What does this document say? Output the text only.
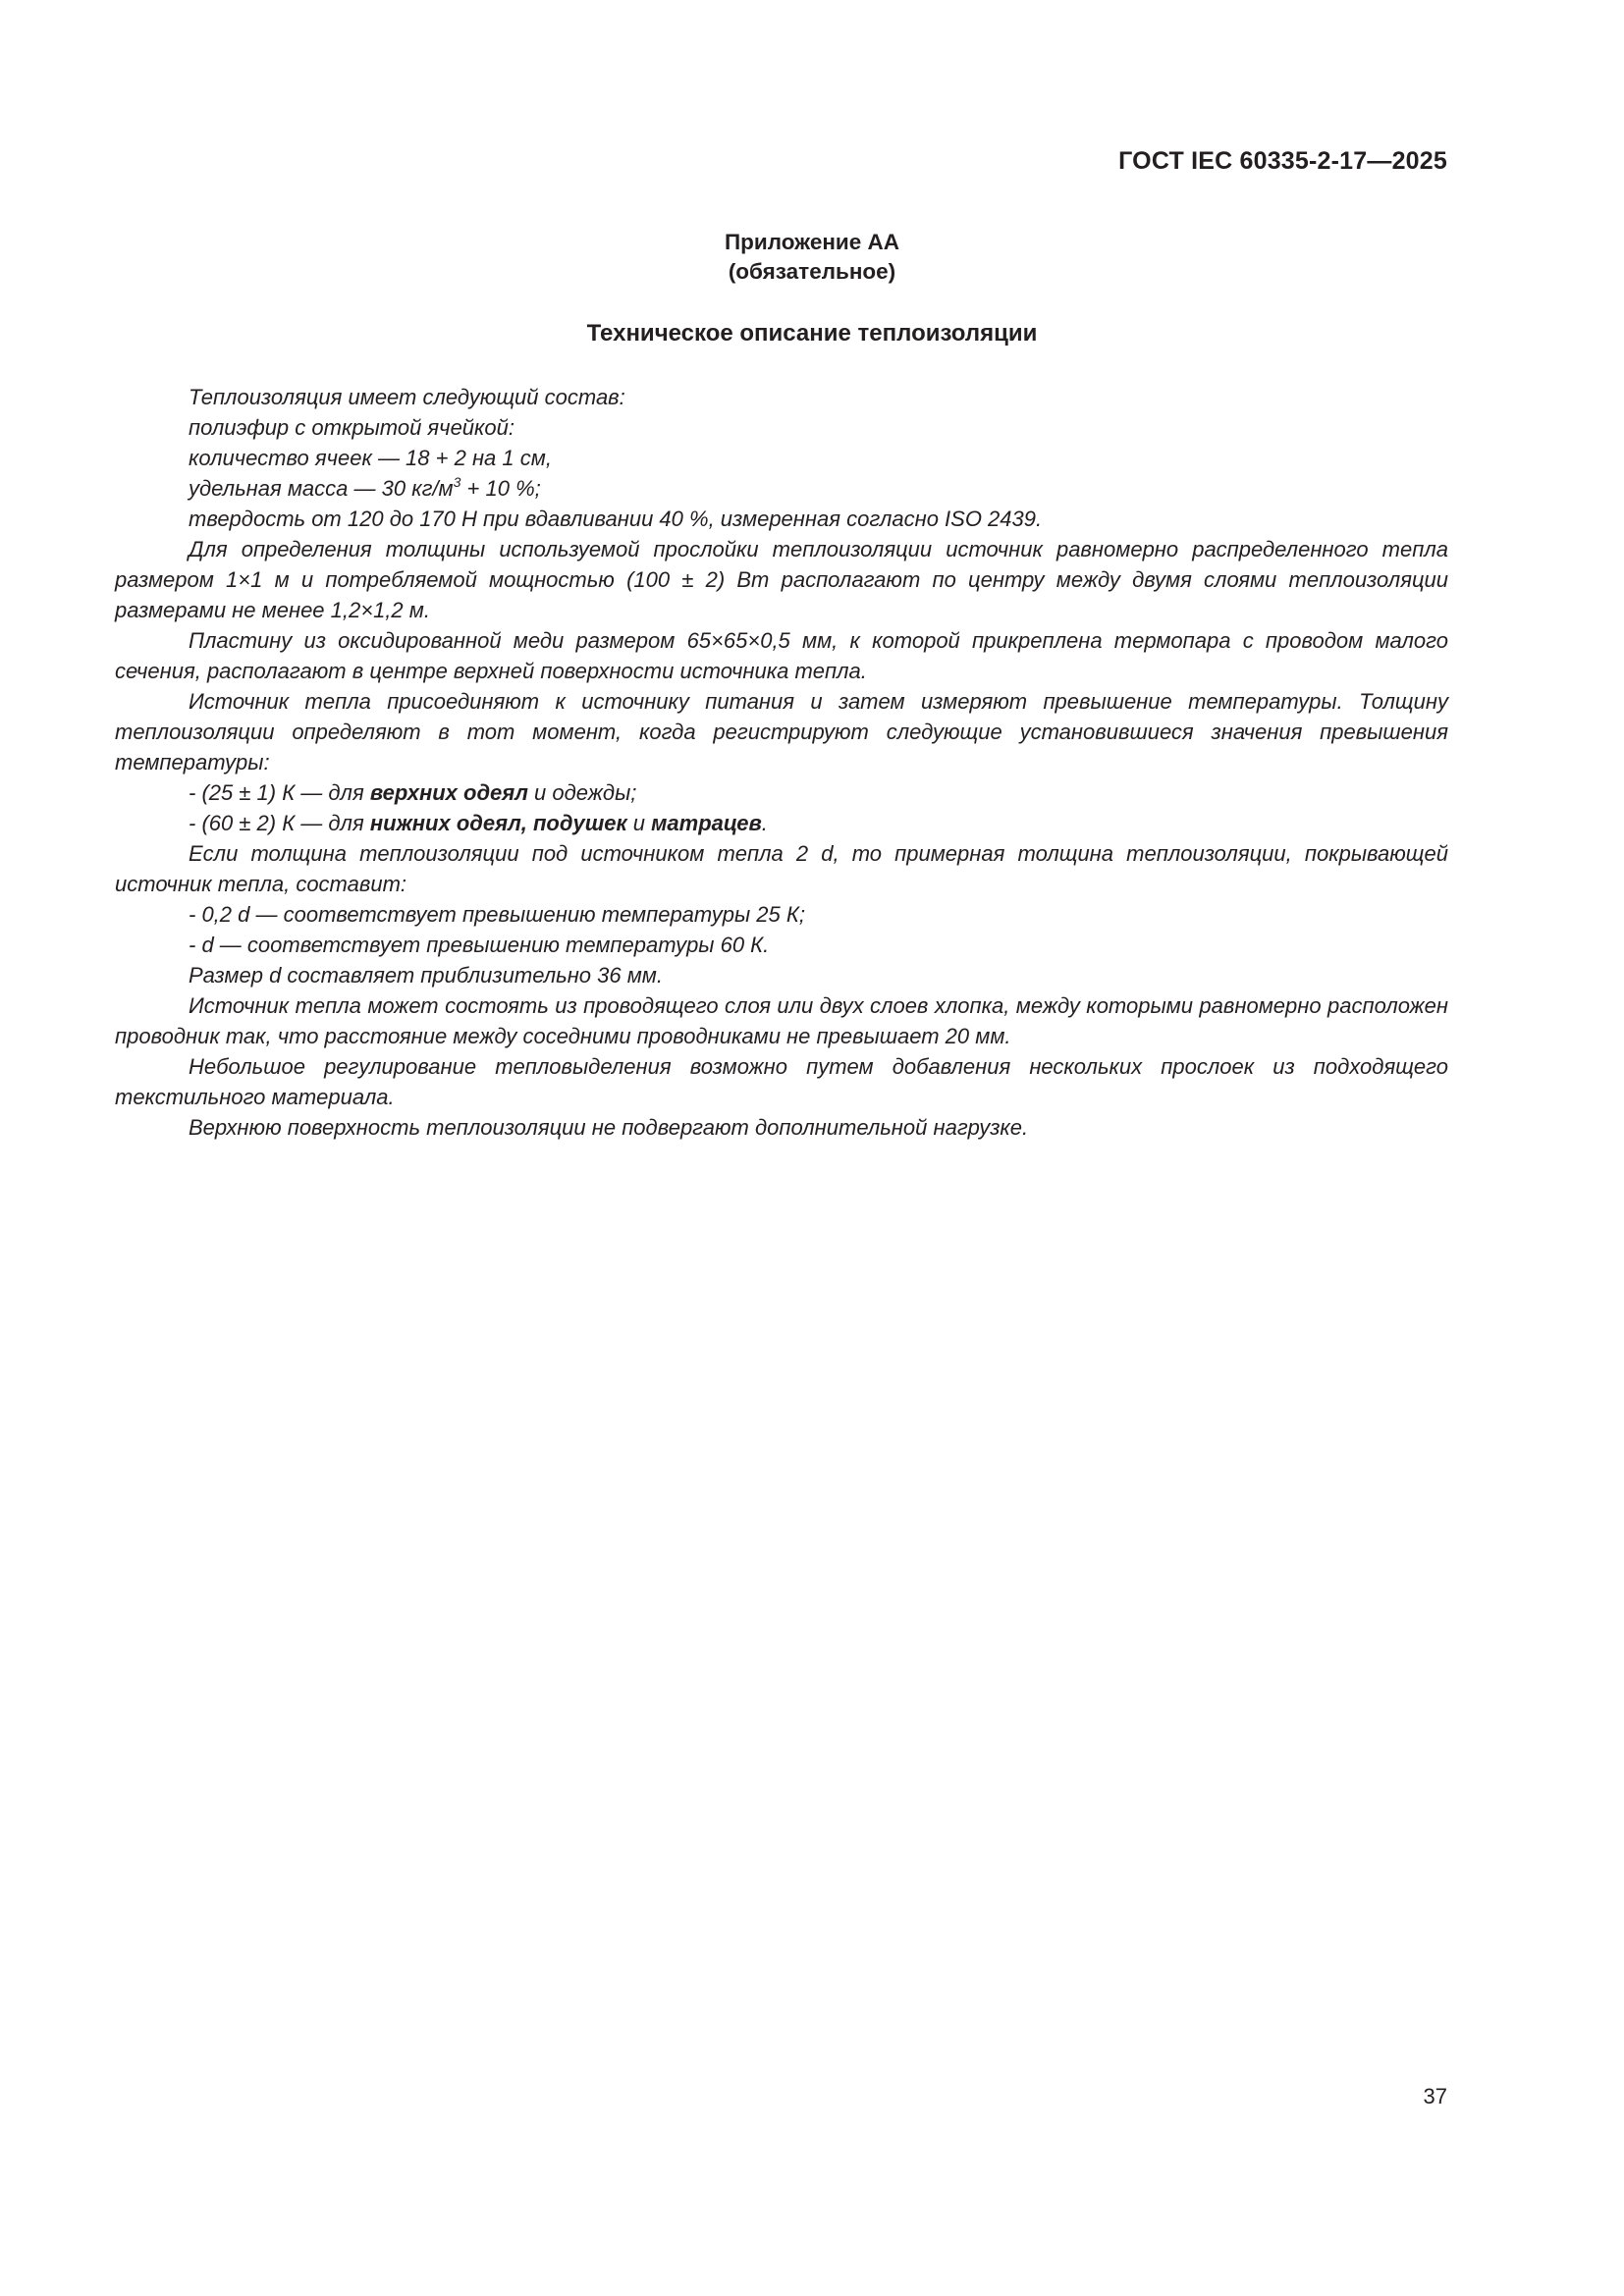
ГОСТ IEC 60335-2-17—2025
Приложение АА
(обязательное)
Техническое описание теплоизоляции

Теплоизоляция имеет следующий состав:

полиэфир с открытой ячейкой:

количество ячеек — 18 + 2 на 1 см,

удельная масса — 30 $кг/м^3 + 10$ %;

твердость от 120 до 170 Н при вдавливании 40 %, измеренная согласно ISO 2439.

Для определения толщины используемой прослойки теплоизоляции источник равномерно распределенного тепла размером 1×1 м и потребляемой мощностью (100 ± 2) Вт располагают по центру между двумя слоями теплоизоляции размерами не менее 1,2×1,2 м.

Пластину из оксидированной меди размером 65×65×0,5 мм, к которой прикреплена термопара с проводом малого сечения, располагают в центре верхней поверхности источника тепла.

Источник тепла присоединяют к источнику питания и затем измеряют превышение температуры. Толщину теплоизоляции определяют в тот момент, когда регистрируют следующие установившиеся значения превышения температуры:

- (25 ± 1) К — для верхних одеял и одежды;

- (60 ± 2) К — для нижних одеял, подушек и матрацев.

Если толщина теплоизоляции под источником тепла 2 d, то примерная толщина теплоизоляции, покрывающей источник тепла, составит:

- 0,2 d — соответствует превышению температуры 25 К;

- d — соответствует превышению температуры 60 К.

Размер d составляет приблизительно 36 мм.

Источник тепла может состоять из проводящего слоя или двух слоев хлопка, между которыми равномерно расположен проводник так, что расстояние между соседними проводниками не превышает 20 мм.

Небольшое регулирование тепловыделения возможно путем добавления нескольких прослоек из подходящего текстильного материала.

Верхнюю поверхность теплоизоляции не подвергают дополнительной нагрузке.

37
